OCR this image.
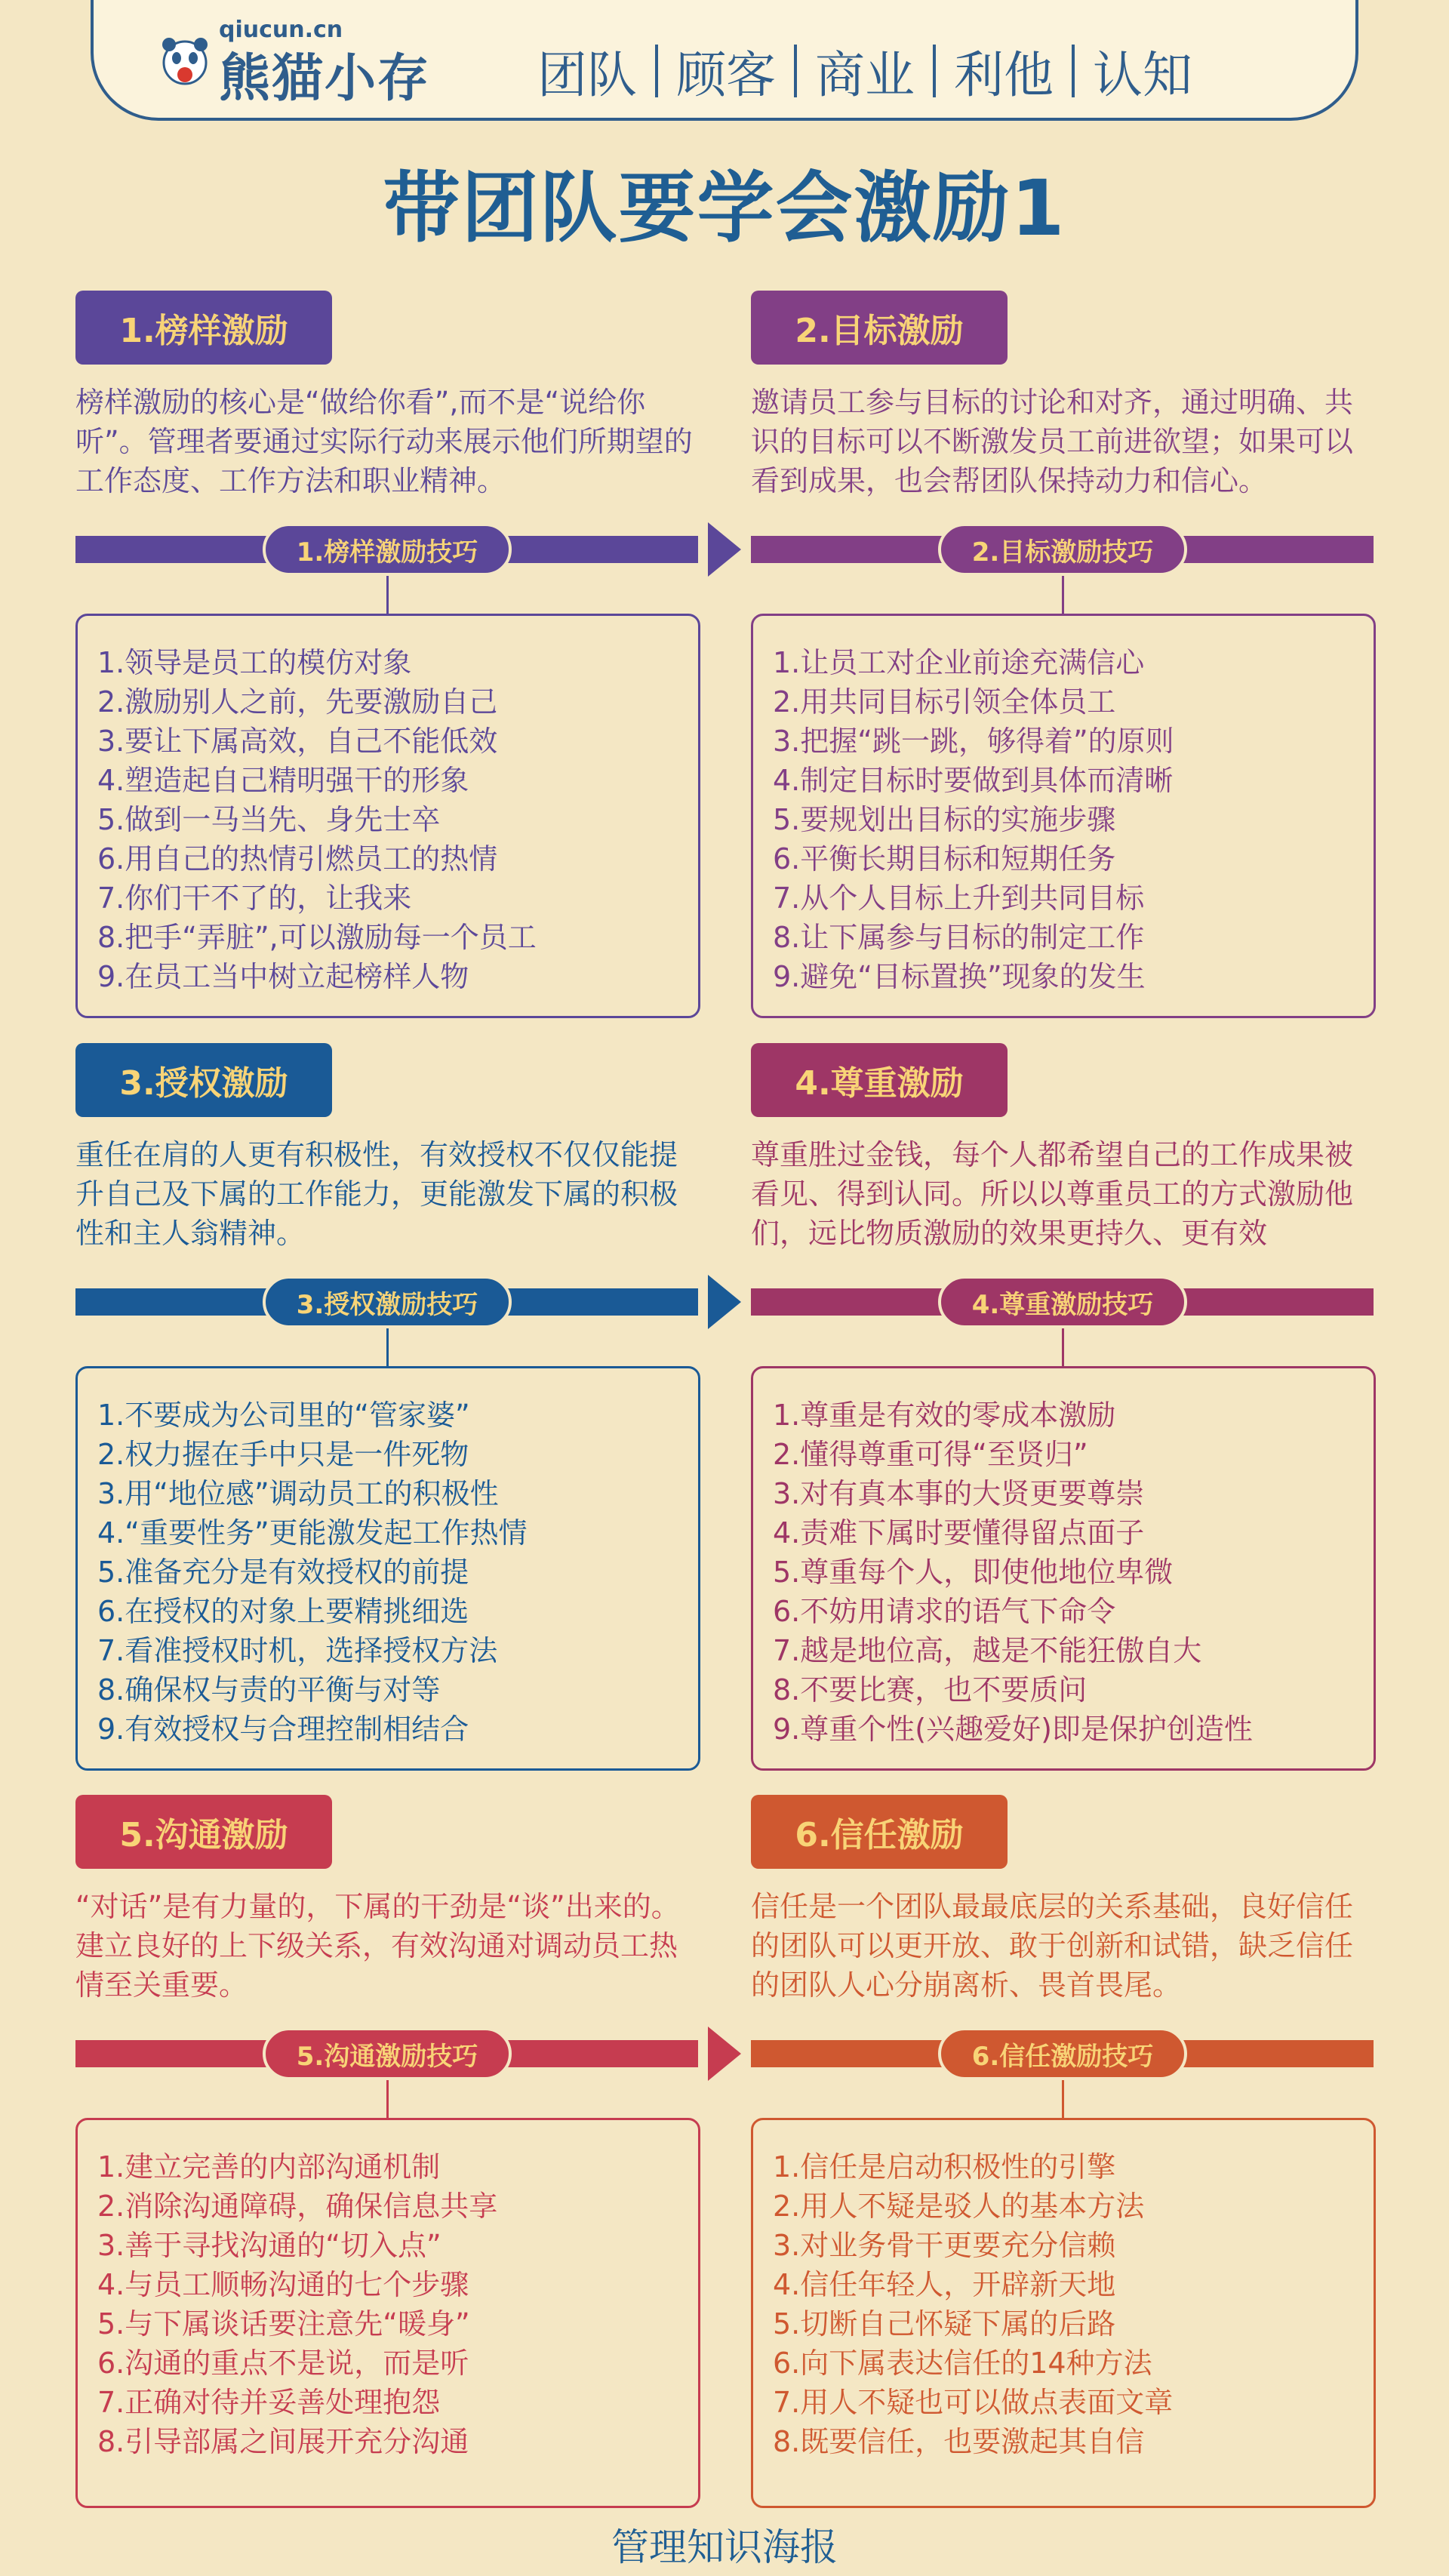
qiucun.cn
熊猫小存 团队 顾客 商业 利他 认知
带团队要学会激励1
1.榜样激励
榜样激励的核心是“做给你看”,而不是“说给你听”。管理者要通过实际行动来展示他们所期望的工作态度、工作方法和职业精神。
1.榜样激励技巧
1.领导是员工的模仿对象
2.激励别人之前，先要激励自己
3.要让下属高效，自己不能低效
4.塑造起自己精明强干的形象
5.做到一马当先、身先士卒
6.用自己的热情引燃员工的热情
7.你们干不了的，让我来
8.把手“弄脏”,可以激励每一个员工
9.在员工当中树立起榜样人物
2.目标激励
邀请员工参与目标的讨论和对齐，通过明确、共识的目标可以不断激发员工前进欲望；如果可以看到成果，也会帮团队保持动力和信心。
2.目标激励技巧
1.让员工对企业前途充满信心
2.用共同目标引领全体员工
3.把握“跳一跳，够得着”的原则
4.制定目标时要做到具体而清晰
5.要规划出目标的实施步骤
6.平衡长期目标和短期任务
7.从个人目标上升到共同目标
8.让下属参与目标的制定工作
9.避免“目标置换”现象的发生
3.授权激励
重任在肩的人更有积极性，有效授权不仅仅能提升自己及下属的工作能力，更能激发下属的积极性和主人翁精神。
3.授权激励技巧
1.不要成为公司里的“管家婆”
2.权力握在手中只是一件死物
3.用“地位感”调动员工的积极性
4.“重要性务”更能激发起工作热情
5.准备充分是有效授权的前提
6.在授权的对象上要精挑细选
7.看准授权时机，选择授权方法
8.确保权与责的平衡与对等
9.有效授权与合理控制相结合
4.尊重激励
尊重胜过金钱，每个人都希望自己的工作成果被看见、得到认同。所以以尊重员工的方式激励他们，远比物质激励的效果更持久、更有效
4.尊重激励技巧
1.尊重是有效的零成本激励
2.懂得尊重可得“至贤归”
3.对有真本事的大贤更要尊崇
4.责难下属时要懂得留点面子
5.尊重每个人，即使他地位卑微
6.不妨用请求的语气下命令
7.越是地位高，越是不能狂傲自大
8.不要比赛，也不要质问
9.尊重个性(兴趣爱好)即是保护创造性
5.沟通激励
“对话”是有力量的，下属的干劲是“谈”出来的。建立良好的上下级关系，有效沟通对调动员工热情至关重要。
5.沟通激励技巧
1.建立完善的内部沟通机制
2.消除沟通障碍，确保信息共享
3.善于寻找沟通的“切入点”
4.与员工顺畅沟通的七个步骤
5.与下属谈话要注意先“暖身”
6.沟通的重点不是说，而是听
7.正确对待并妥善处理抱怨
8.引导部属之间展开充分沟通
6.信任激励
信任是一个团队最最底层的关系基础，良好信任的团队可以更开放、敢于创新和试错，缺乏信任的团队人心分崩离析、畏首畏尾。
6.信任激励技巧
1.信任是启动积极性的引擎
2.用人不疑是驳人的基本方法
3.对业务骨干更要充分信赖
4.信任年轻人，开辟新天地
5.切断自己怀疑下属的后路
6.向下属表达信任的14种方法
7.用人不疑也可以做点表面文章
8.既要信任，也要激起其自信
管理知识海报
